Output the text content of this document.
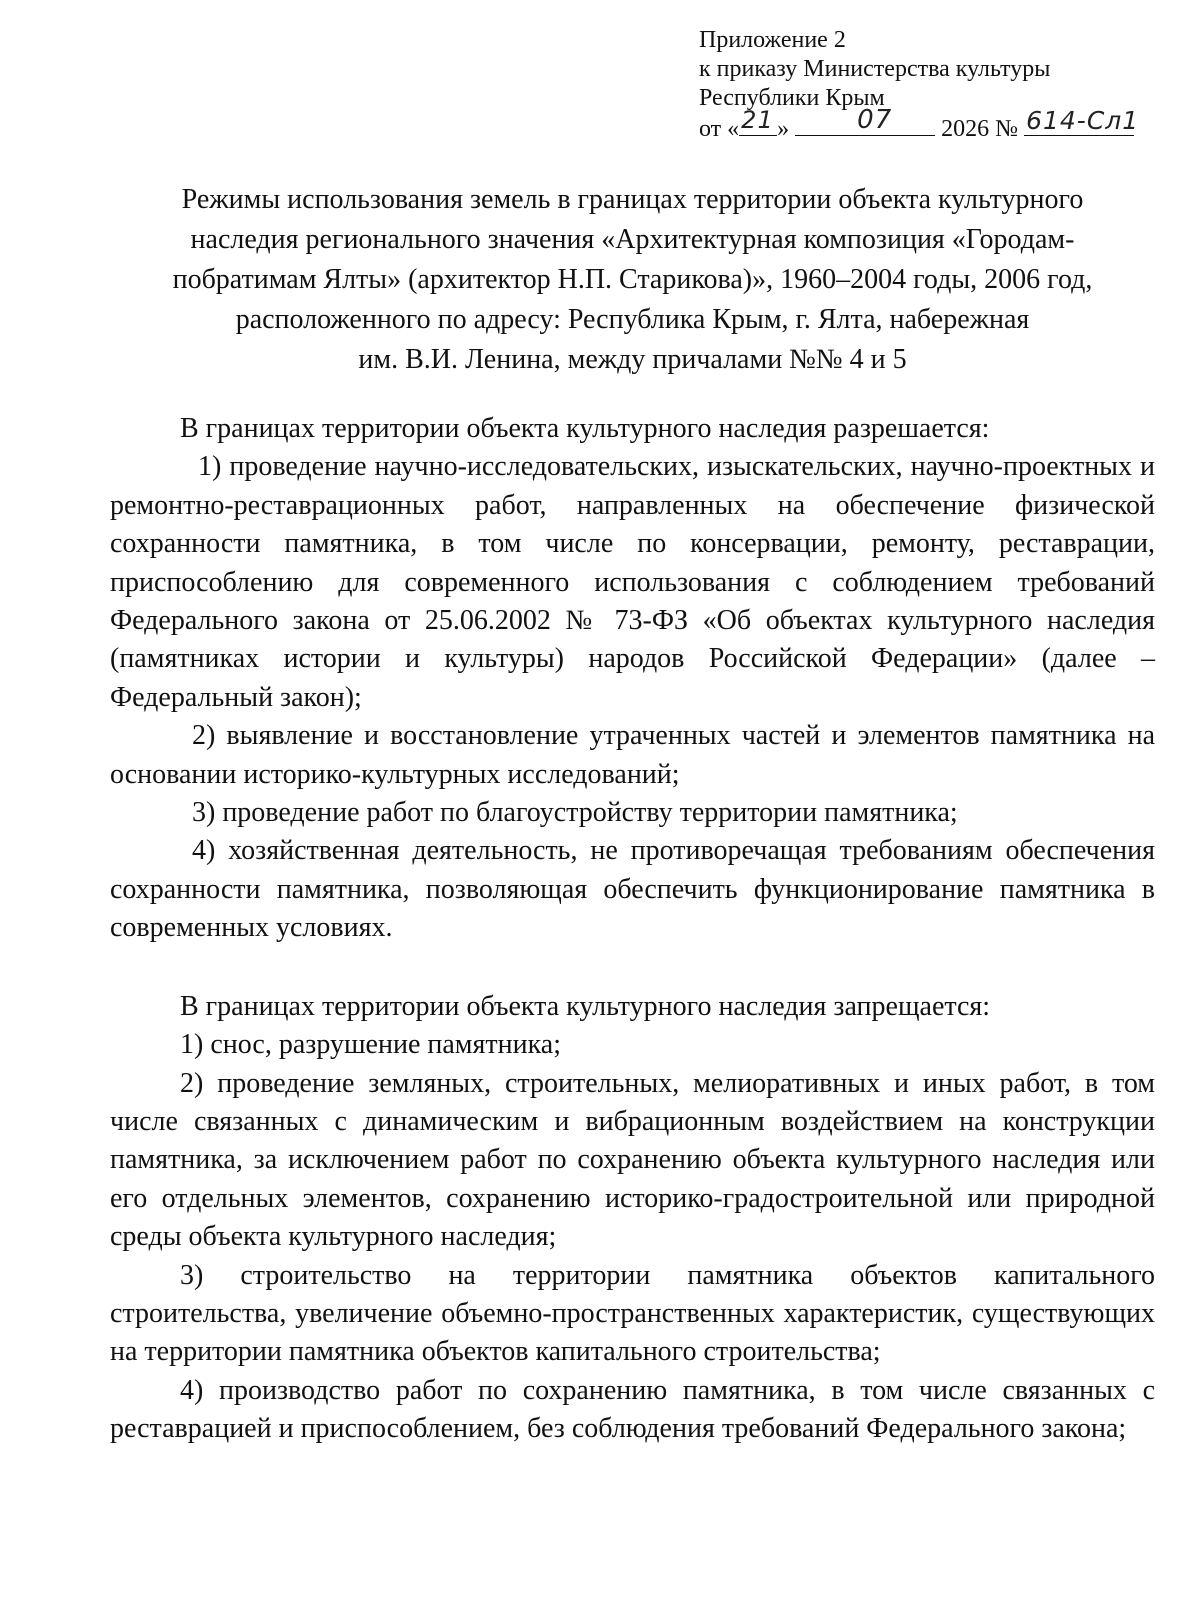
Приложение 2
к приказу Министерства культуры
Республики Крым
от « 21 »	07 2026 № 614-Сл1
Режимы использования земель в границах территории объекта культурного
наследия регионального значения «Архитектурная композиция «Городам-
побратимам Ялты» (архитектор Н.П. Старикова)», 1960–2004 годы, 2006 год,
расположенного по адресу: Республика Крым, г. Ялта, набережная
им. В.И. Ленина, между причалами №№ 4 и 5

В границах территории объекта культурного наследия разрешается:

1) проведение научно-исследовательских, изыскательских, научно-проектных и ремонтно-реставрационных работ, направленных на обеспечение физической сохранности памятника, в том числе по консервации, ремонту, реставрации, приспособлению для современного использования с соблюдением требований Федерального закона от 25.06.2002 № 73-ФЗ «Об объектах культурного наследия (памятниках истории и культуры) народов Российской Федерации» (далее – Федеральный закон);

2) выявление и восстановление утраченных частей и элементов памятника на основании историко-культурных исследований;

3) проведение работ по благоустройству территории памятника;

4) хозяйственная деятельность, не противоречащая требованиям обеспечения сохранности памятника, позволяющая обеспечить функционирование памятника в современных условиях.

В границах территории объекта культурного наследия запрещается:

1) снос, разрушение памятника;

2) проведение земляных, строительных, мелиоративных и иных работ, в том числе связанных с динамическим и вибрационным воздействием на конструкции памятника, за исключением работ по сохранению объекта культурного наследия или его отдельных элементов, сохранению историко-градостроительной или природной среды объекта культурного наследия;

3) строительство на территории памятника объектов капитального строительства, увеличение объемно-пространственных характеристик, существующих на территории памятника объектов капитального строительства;

4) производство работ по сохранению памятника, в том числе связанных с реставрацией и приспособлением, без соблюдения требований Федерального закона;
